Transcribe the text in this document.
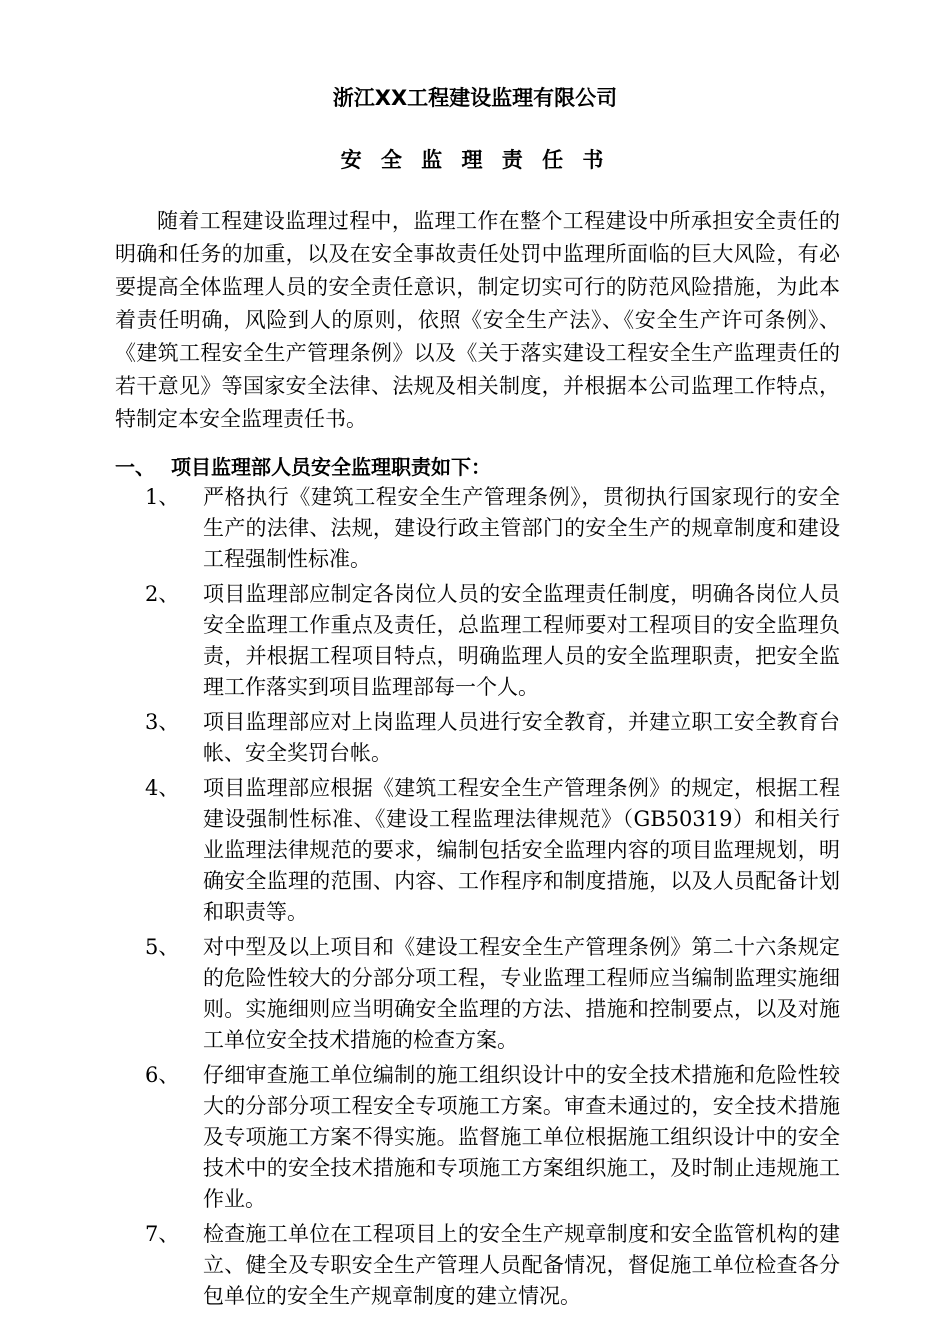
浙江XX工程建设监理有限公司
安 全 监 理 责 任 书

随着工程建设监理过程中，监理工作在整个工程建设中所承担安全责任的明确和任务的加重，以及在安全事故责任处罚中监理所面临的巨大风险，有必要提高全体监理人员的安全责任意识，制定切实可行的防范风险措施，为此本着责任明确，风险到人的原则，依照《安全生产法》、《安全生产许可条例》、《建筑工程安全生产管理条例》以及《关于落实建设工程安全生产监理责任的若干意见》等国家安全法律、法规及相关制度，并根据本公司监理工作特点，特制定本安全监理责任书。

一、 项目监理部人员安全监理职责如下：
1、	严格执行《建筑工程安全生产管理条例》，贯彻执行国家现行的安全生产的法律、法规，建设行政主管部门的安全生产的规章制度和建设工程强制性标准。
2、	项目监理部应制定各岗位人员的安全监理责任制度，明确各岗位人员安全监理工作重点及责任，总监理工程师要对工程项目的安全监理负责，并根据工程项目特点，明确监理人员的安全监理职责，把安全监理工作落实到项目监理部每一个人。
3、	项目监理部应对上岗监理人员进行安全教育，并建立职工安全教育台帐、安全奖罚台帐。
4、	项目监理部应根据《建筑工程安全生产管理条例》的规定，根据工程建设强制性标准、《建设工程监理法律规范》（GB50319）和相关行业监理法律规范的要求，编制包括安全监理内容的项目监理规划，明确安全监理的范围、内容、工作程序和制度措施，以及人员配备计划和职责等。
5、	对中型及以上项目和《建设工程安全生产管理条例》第二十六条规定的危险性较大的分部分项工程，专业监理工程师应当编制监理实施细则。实施细则应当明确安全监理的方法、措施和控制要点，以及对施工单位安全技术措施的检查方案。
6、	仔细审查施工单位编制的施工组织设计中的安全技术措施和危险性较大的分部分项工程安全专项施工方案。审查未通过的，安全技术措施及专项施工方案不得实施。监督施工单位根据施工组织设计中的安全技术中的安全技术措施和专项施工方案组织施工，及时制止违规施工作业。
7、	检查施工单位在工程项目上的安全生产规章制度和安全监管机构的建立、健全及专职安全生产管理人员配备情况，督促施工单位检查各分包单位的安全生产规章制度的建立情况。
